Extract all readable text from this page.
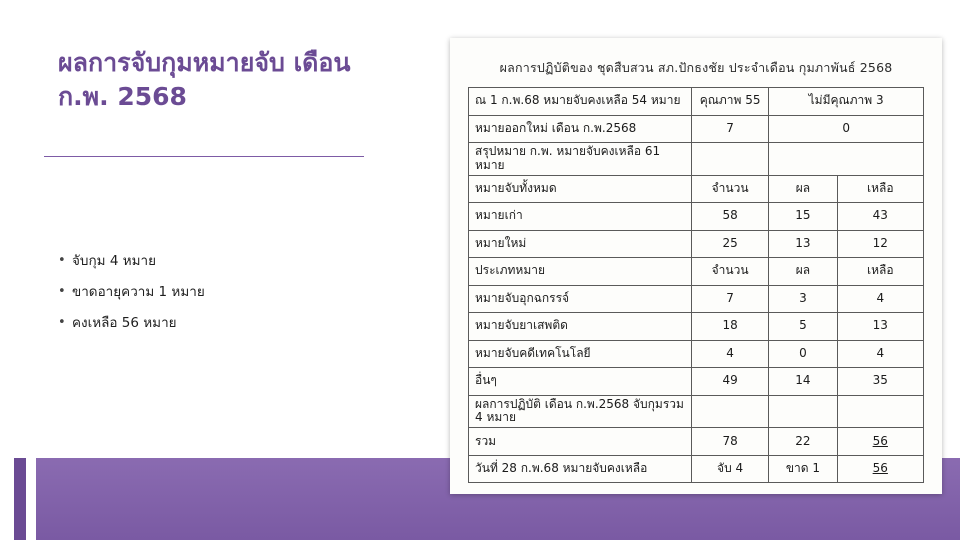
ผลการจับกุมหมายจับ เดือน ก.พ. 2568
• จับกุม 4 หมาย
• ขาดอายุความ 1 หมาย
• คงเหลือ 56 หมาย
ผลการปฏิบัติของ ชุดสืบสวน สภ.ปักธงชัย ประจำเดือน กุมภาพันธ์ 2568
ณ 1 ก.พ.68 หมายจับคงเหลือ 54 หมาย	คุณภาพ 55	ไม่มีคุณภาพ 3	
หมายออกใหม่ เดือน ก.พ.2568	7	0	
สรุปหมาย ก.พ. หมายจับคงเหลือ 61 หมาย			
หมายจับทั้งหมด	จำนวน	ผล	เหลือ
หมายเก่า	58	15	43
หมายใหม่	25	13	12
ประเภทหมาย	จำนวน	ผล	เหลือ
หมายจับอุกฉกรรจ์	7	3	4
หมายจับยาเสพติด	18	5	13
หมายจับคดีเทคโนโลยี	4	0	4
อื่นๆ	49	14	35
ผลการปฏิบัติ เดือน ก.พ.2568 จับกุมรวม 4 หมาย			
รวม	78	22	56
วันที่ 28 ก.พ.68 หมายจับคงเหลือ	จับ 4	ขาด 1	56
